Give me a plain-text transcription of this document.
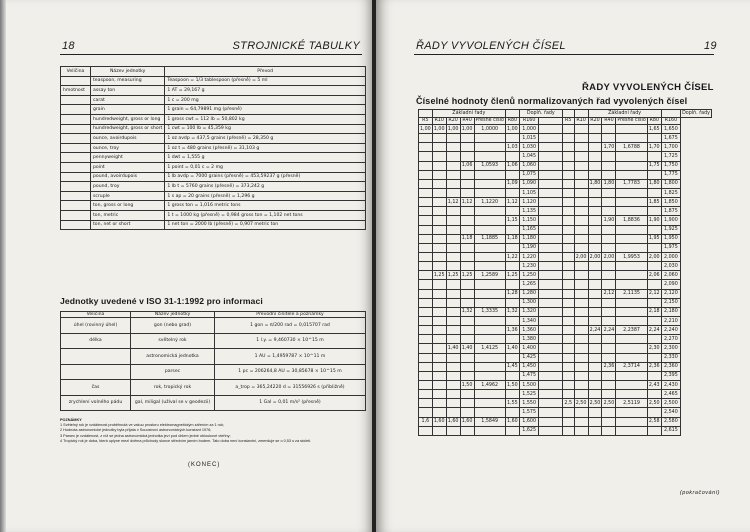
18	STROJNICKÉ TABULKY
Veličina	Název jednotky	Převod
	teaspoon, measuring	Teaspoon = 1/3 tablespoon (přesně) = 5 ml
hmotnost	assay ton	1 AT = 29,167 g
	carat	1 c = 200 mg
	grain	1 grain = 64,79891 mg (přesně)
	hundredweight, gross or long	1 gross cwt = 112 lb = 50,802 kg
	hundredweight, gross or short	1 cwt = 100 lb = 45,359 kg
	ounce, avoirdupois	1 oz avdp = 437,5 grains (přesně) = 28,350 g
	ounce, troy	1 oz t = 480 grains (přesně) = 31,103 g
	pennyweight	1 dwt = 1,555 g
	point	1 point = 0,01 c = 2 mg
	pound, avoirdupois	1 lb avdp = 7000 grains (přesně) = 453,59237 g (přesně)
	pound, troy	1 lb t = 5760 grains (přesně) = 373,242 g
	scruple	1 s ap = 20 grains (přesně) = 1,296 g
	ton, gross or long	1 gross ton = 1,016 metric tons
	ton, metric	1 t = 1000 kg (přesně) = 0,984 gross ton = 1,102 net tons
	ton, net or short	1 net ton = 2000 lb (přesně) = 0,907 metric ton
Jednotky uvedené v ISO 31-1:1992 pro informaci
Veličina	Název jednotky	Převodní činitele a poznámky
úhel (rovinný úhel)	gon (nebo grad)	1 gon = π/200 rad = 0,015707 rad
délka	světelný rok	1 l.y. = 9,460730 × 10^15 m
	astronomická jednotka	1 AU = 1,4959787 × 10^11 m
	parsec	1 pc = 206264,8 AU = 30,85678 × 10^15 m
čas	rok, tropický rok	a_trop = 365,24220 d = 31556926 s (přibližně)
zrychlení volného pádu	gal, miligal (užíval se v geodezii)	1 Gal = 0,01 m/s² (přesně)
POZNÁMKY
1 Světelný rok je vzdálenost proběhnutá ve vakuu prostoru elektromagnetickým zářením za 1 rok;
2 Hodnota astronomické jednotky byla přijata v Souostroví astronomických konstant 1976;
3 Parsec je vzdálenost, z níž se jedna astronomická jednotka jeví pod úhlem jedné obloukové vteřiny;
4 Tropický rok je doba, která uplyne mezi dvěma průchody slunce středním jarním bodem. Tato doba není konstantní, zmenšuje se o 0,53 s za století.
(KONEC)
ŘADY VYVOLENÝCH ČÍSEL	19
ŘADY VYVOLENÝCH ČÍSEL
Číselné hodnoty členů normalizovaných řad vyvolených čísel
	Základní řady					Doplň. řady				Základní řady					Doplň. řady
R5	R10	R20	R40	Přesné číslo	R80	R160		R5	R10	R20	R40	Přesné číslo	R80	R160	
1,00	1,00	1,00	1,00	1,0000	1,00	1,000							1,65	1,650	
						1,015								1,675	
					1,03	1,030					1,70	1,6788	1,70	1,700	
						1,045								1,725	
			1,06	1,0593	1,06	1,060							1,75	1,750	
						1,075								1,775	
					1,09	1,090				1,80	1,80	1,7783	1,80	1,800	
						1,105								1,825	
		1,12	1,12	1,1220	1,12	1,120							1,85	1,850	
						1,135								1,875	
					1,15	1,150					1,90	1,8836	1,90	1,900	
						1,165								1,925	
			1,18	1,1885	1,18	1,180							1,95	1,950	
						1,190								1,975	
					1,22	1,220			2,00	2,00	2,00	1,9953	2,00	2,000	
						1,230								2,030	
	1,25	1,25	1,25	1,2589	1,25	1,250							2,06	2,060	
						1,265								2,090	
					1,28	1,280					2,12	2,1135	2,12	2,120	
						1,300								2,150	
			1,32	1,3335	1,32	1,320							2,18	2,180	
						1,340								2,210	
					1,36	1,360				2,24	2,24	2,2387	2,24	2,240	
						1,380								2,270	
		1,40	1,40	1,4125	1,40	1,400							2,30	2,300	
						1,425								2,330	
					1,45	1,450					2,36	2,3714	2,36	2,360	
						1,475								2,395	
			1,50	1,4962	1,50	1,500							2,43	2,430	
						1,525								2,465	
					1,55	1,550		2,5	2,50	2,50	2,50	2,5119	2,50	2,500	
						1,575								2,540	
1,6	1,60	1,60	1,60	1,5849	1,60	1,600							2,58	2,580	
						1,625								2,615	
(pokračování)
